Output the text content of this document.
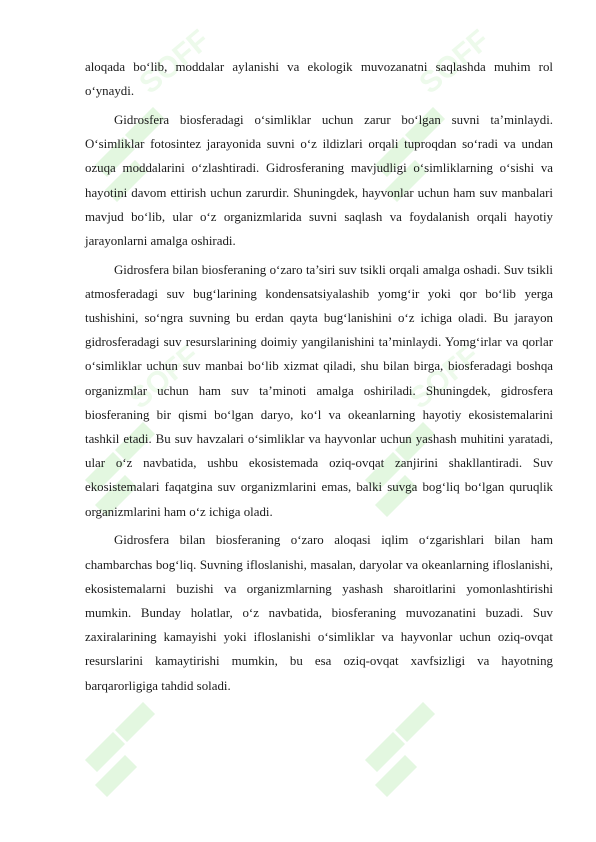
SOFF	SOFF
SOFF	SOFF

aloqada bo‘lib, moddalar aylanishi va ekologik muvozanatni saqlashda muhim rol o‘ynaydi.

Gidrosfera biosferadagi o‘simliklar uchun zarur bo‘lgan suvni ta’minlaydi. O‘simliklar fotosintez jarayonida suvni o‘z ildizlari orqali tuproqdan so‘radi va undan ozuqa moddalarini o‘zlashtiradi. Gidrosferaning mavjudligi o‘simliklarning o‘sishi va hayotini davom ettirish uchun zarurdir. Shuningdek, hayvonlar uchun ham suv manbalari mavjud bo‘lib, ular o‘z organizmlarida suvni saqlash va foydalanish orqali hayotiy jarayonlarni amalga oshiradi.

Gidrosfera bilan biosferaning o‘zaro ta’siri suv tsikli orqali amalga oshadi. Suv tsikli atmosferadagi suv bug‘larining kondensatsiyalashib yomg‘ir yoki qor bo‘lib yerga tushishini, so‘ngra suvning bu erdan qayta bug‘lanishini o‘z ichiga oladi. Bu jarayon gidrosferadagi suv resurslarining doimiy yangilanishini ta’minlaydi. Yomg‘irlar va qorlar o‘simliklar uchun suv manbai bo‘lib xizmat qiladi, shu bilan birga, biosferadagi boshqa organizmlar uchun ham suv ta’minoti amalga oshiriladi. Shuningdek, gidrosfera biosferaning bir qismi bo‘lgan daryo, ko‘l va okeanlarning hayotiy ekosistemalarini tashkil etadi. Bu suv havzalari o‘simliklar va hayvonlar uchun yashash muhitini yaratadi, ular o‘z navbatida, ushbu ekosistemada oziq-ovqat zanjirini shakllantiradi. Suv ekosistemalari faqatgina suv organizmlarini emas, balki suvga bog‘liq bo‘lgan quruqlik organizmlarini ham o‘z ichiga oladi.

Gidrosfera bilan biosferaning o‘zaro aloqasi iqlim o‘zgarishlari bilan ham chambarchas bog‘liq. Suvning ifloslanishi, masalan, daryolar va okeanlarning ifloslanishi, ekosistemalarni buzishi va organizmlarning yashash sharoitlarini yomonlashtirishi mumkin. Bunday holatlar, o‘z navbatida, biosferaning muvozanatini buzadi. Suv zaxiralarining kamayishi yoki ifloslanishi o‘simliklar va hayvonlar uchun oziq-ovqat resurslarini kamaytirishi mumkin, bu esa oziq-ovqat xavfsizligi va hayotning barqarorligiga tahdid soladi.
